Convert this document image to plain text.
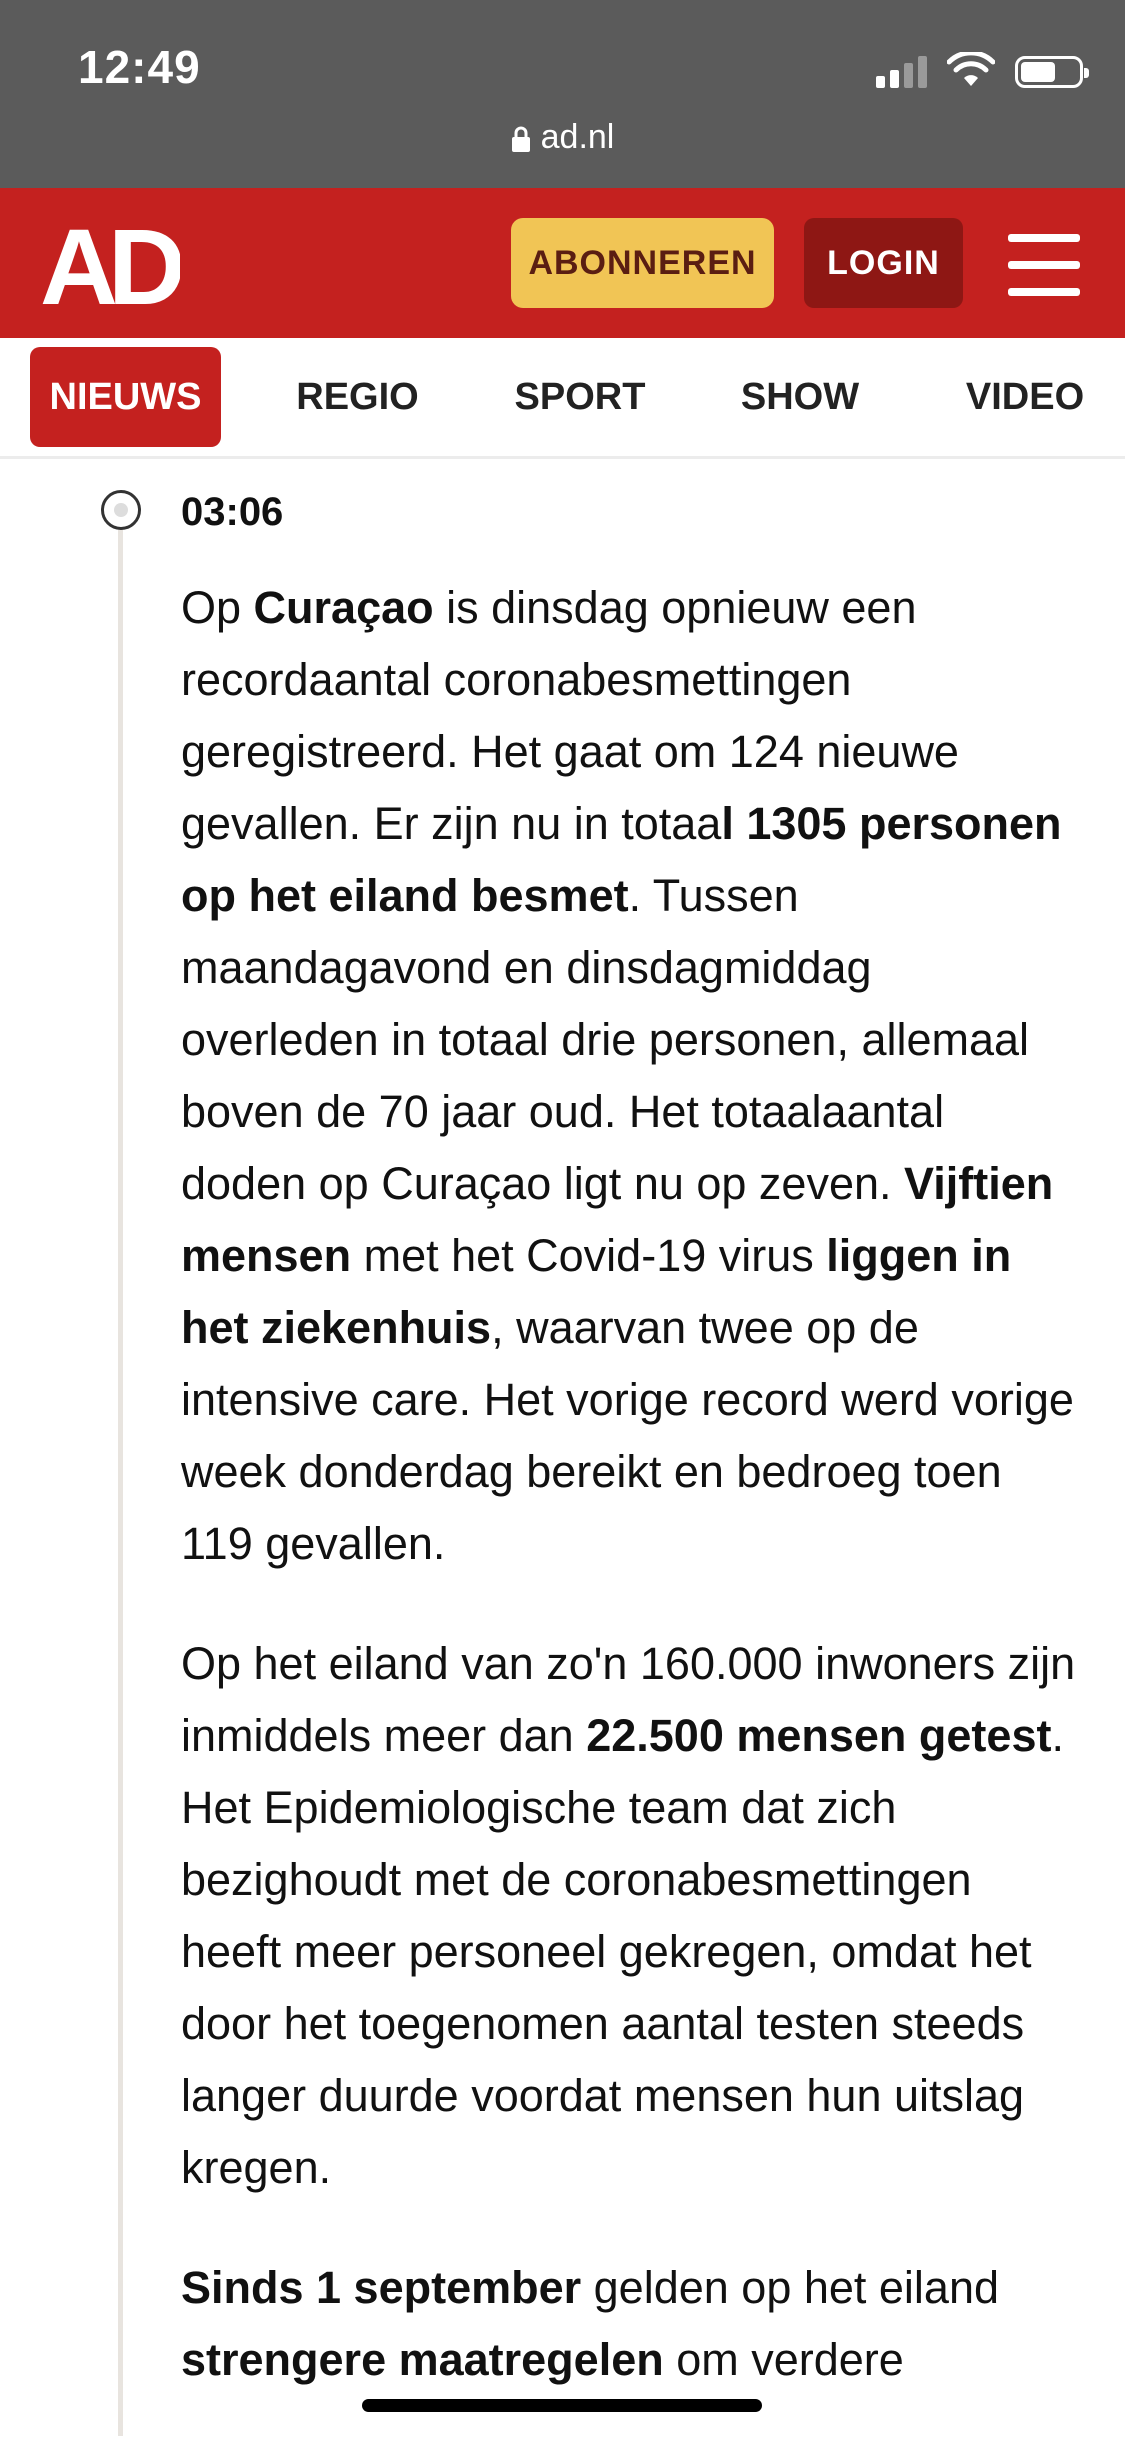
12:49
ad.nl
AD	ABONNEREN	LOGIN
NIEUWS	REGIO	SPORT	SHOW	VIDEO
03:06

Op Curaçao is dinsdag opnieuw een recordaantal coronabesmettingen geregistreerd. Het gaat om 124 nieuwe gevallen. Er zijn nu in totaal 1305 personen op het eiland besmet. Tussen maandagavond en dinsdagmiddag overleden in totaal drie personen, allemaal boven de 70 jaar oud. Het totaalaantal doden op Curaçao ligt nu op zeven. Vijftien mensen met het Covid-19 virus liggen in het ziekenhuis, waarvan twee op de intensive care. Het vorige record werd vorige week donderdag bereikt en bedroeg toen 119 gevallen.

Op het eiland van zo'n 160.000 inwoners zijn inmiddels meer dan 22.500 mensen getest. Het Epidemiologische team dat zich bezighoudt met de coronabesmettingen heeft meer personeel gekregen, omdat het door het toegenomen aantal testen steeds langer duurde voordat mensen hun uitslag kregen.

Sinds 1 september gelden op het eiland strengere maatregelen om verdere
